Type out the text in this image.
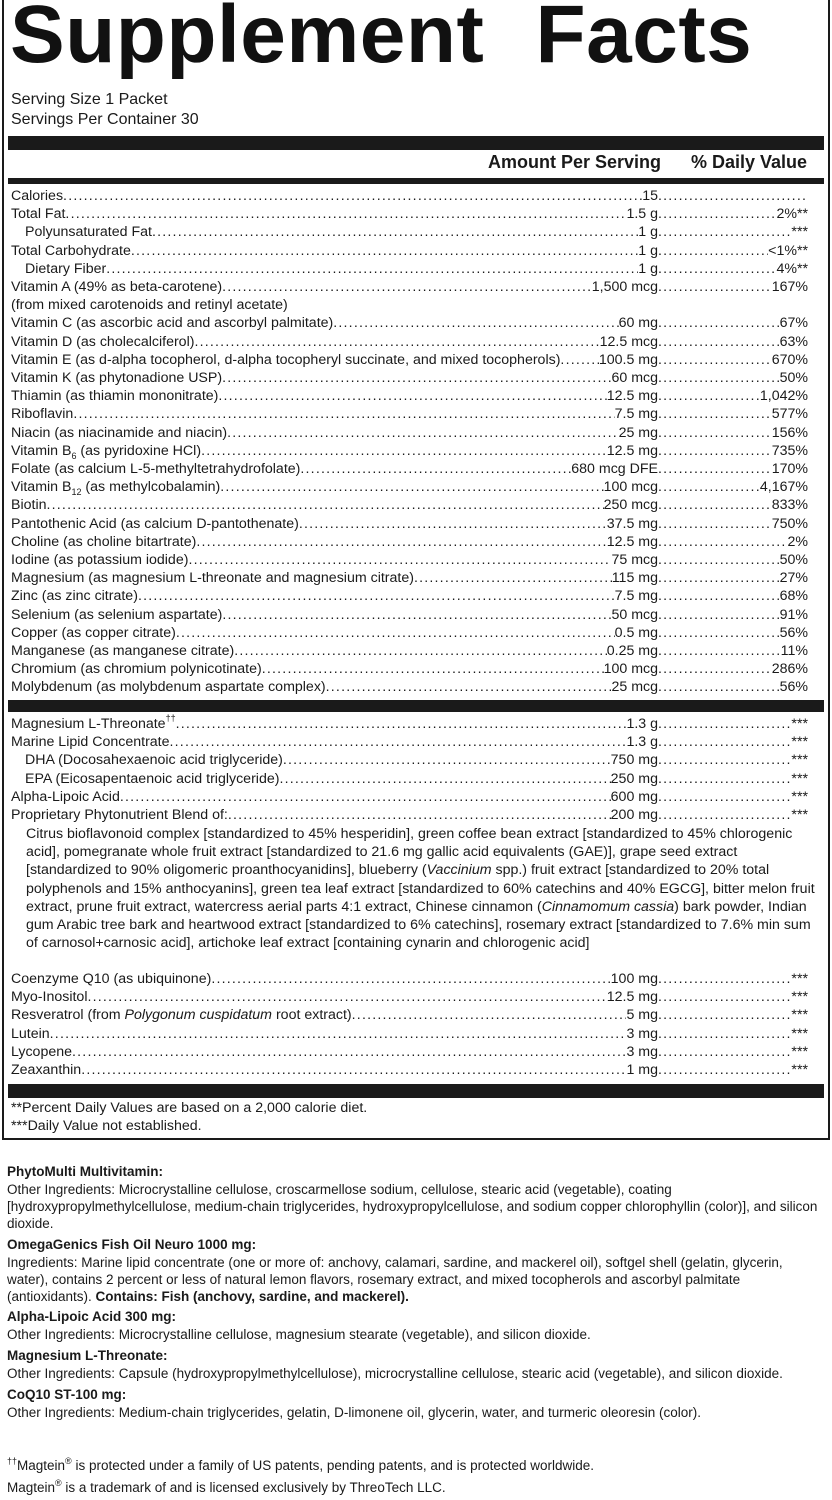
Supplement Facts
Serving Size 1 Packet
Servings Per Container 30
Amount Per Serving % Daily Value
Calories .....	15
.....
Total Fat .....	1.5 g .....	2%**
Polyunsaturated Fat .....	1 g .....	***
Total Carbohydrate .....	1 g .....	<1%**
Dietary Fiber .....	1 g .....	4%**
Vitamin A (49% as beta-carotene) .....	1,500 mcg .....	167%
(from mixed carotenoids and retinyl acetate)
Vitamin C (as ascorbic acid and ascorbyl palmitate) .....	60 mg .....	67%
Vitamin D (as cholecalciferol) .....	12.5 mcg .....	63%
Vitamin E (as d-alpha tocopherol, d-alpha tocopheryl succinate, and mixed tocopherols) .....	100.5 mg .....	670%
Vitamin K (as phytonadione USP) .....	60 mcg .....	50%
Thiamin (as thiamin mononitrate) .....	12.5 mg .....	1,042%
Riboflavin .....	7.5 mg .....	577%
Niacin (as niacinamide and niacin) .....	25 mg .....	156%
Vitamin $B_6$ (as pyridoxine HCl) .....	12.5 mg .....	735%
Folate (as calcium L-5-methyltetrahydrofolate) .....	680 mcg DFE .....	170%
Vitamin $B_{12}$ (as methylcobalamin) .....	100 mcg .....	4,167%
Biotin .....	250 mcg .....	833%
Pantothenic Acid (as calcium D-pantothenate) .....	37.5 mg .....	750%
Choline (as choline bitartrate) .....	12.5 mg .....	2%
Iodine (as potassium iodide) .....	75 mcg .....	50%
Magnesium (as magnesium L-threonate and magnesium citrate) .....	115 mg .....	27%
Zinc (as zinc citrate) .....	7.5 mg .....	68%
Selenium (as selenium aspartate) .....	50 mcg .....	91%
Copper (as copper citrate) .....	0.5 mg .....	56%
Manganese (as manganese citrate) .....	0.25 mg .....	11%
Chromium (as chromium polynicotinate) .....	100 mcg .....	286%
Molybdenum (as molybdenum aspartate complex) .....	25 mcg .....	56%
Magnesium L-Threonate†† .....	1.3 g .....	***
Marine Lipid Concentrate .....	1.3 g .....	***
DHA (Docosahexaenoic acid triglyceride) .....	750 mg .....	***
EPA (Eicosapentaenoic acid triglyceride) .....	250 mg .....	***
Alpha-Lipoic Acid .....	600 mg .....	***
Proprietary Phytonutrient Blend of: .....	200 mg .....	***
Citrus bioflavonoid complex [standardized to 45% hesperidin], green coffee bean extract [standardized to 45% chlorogenic acid], pomegranate whole fruit extract [standardized to 21.6 mg gallic acid equivalents (GAE)], grape seed extract [standardized to 90% oligomeric proanthocyanidins], blueberry (Vaccinium spp.) fruit extract [standardized to 20% total polyphenols and 15% anthocyanins], green tea leaf extract [standardized to 60% catechins and 40% EGCG], bitter melon fruit extract, prune fruit extract, watercress aerial parts 4:1 extract, Chinese cinnamon (Cinnamomum cassia) bark powder, Indian gum Arabic tree bark and heartwood extract [standardized to 6% catechins], rosemary extract [standardized to 7.6% min sum of carnosol+carnosic acid], artichoke leaf extract [containing cynarin and chlorogenic acid]
Coenzyme Q10 (as ubiquinone) .....	100 mg .....	***
Myo-Inositol .....	12.5 mg .....	***
Resveratrol (from Polygonum cuspidatum root extract) .....	5 mg .....	***
Lutein .....	3 mg .....	***
Lycopene .....	3 mg .....	***
Zeaxanthin .....	1 mg .....	***
**Percent Daily Values are based on a 2,000 calorie diet.
***Daily Value not established.
PhytoMulti Multivitamin:
Other Ingredients: Microcrystalline cellulose, croscarmellose sodium, cellulose, stearic acid (vegetable), coating [hydroxypropylmethylcellulose, medium-chain triglycerides, hydroxypropylcellulose, and sodium copper chlorophyllin (color)], and silicon dioxide.
OmegaGenics Fish Oil Neuro 1000 mg:
Ingredients: Marine lipid concentrate (one or more of: anchovy, calamari, sardine, and mackerel oil), softgel shell (gelatin, glycerin, water), contains 2 percent or less of natural lemon flavors, rosemary extract, and mixed tocopherols and ascorbyl palmitate (antioxidants). Contains: Fish (anchovy, sardine, and mackerel).
Alpha-Lipoic Acid 300 mg:
Other Ingredients: Microcrystalline cellulose, magnesium stearate (vegetable), and silicon dioxide.
Magnesium L-Threonate:
Other Ingredients: Capsule (hydroxypropylmethylcellulose), microcrystalline cellulose, stearic acid (vegetable), and silicon dioxide.
CoQ10 ST-100 mg:
Other Ingredients: Medium-chain triglycerides, gelatin, D-limonene oil, glycerin, water, and turmeric oleoresin (color).
††Magtein® is protected under a family of US patents, pending patents, and is protected worldwide.
Magtein® is a trademark of and is licensed exclusively by ThreoTech LLC.
